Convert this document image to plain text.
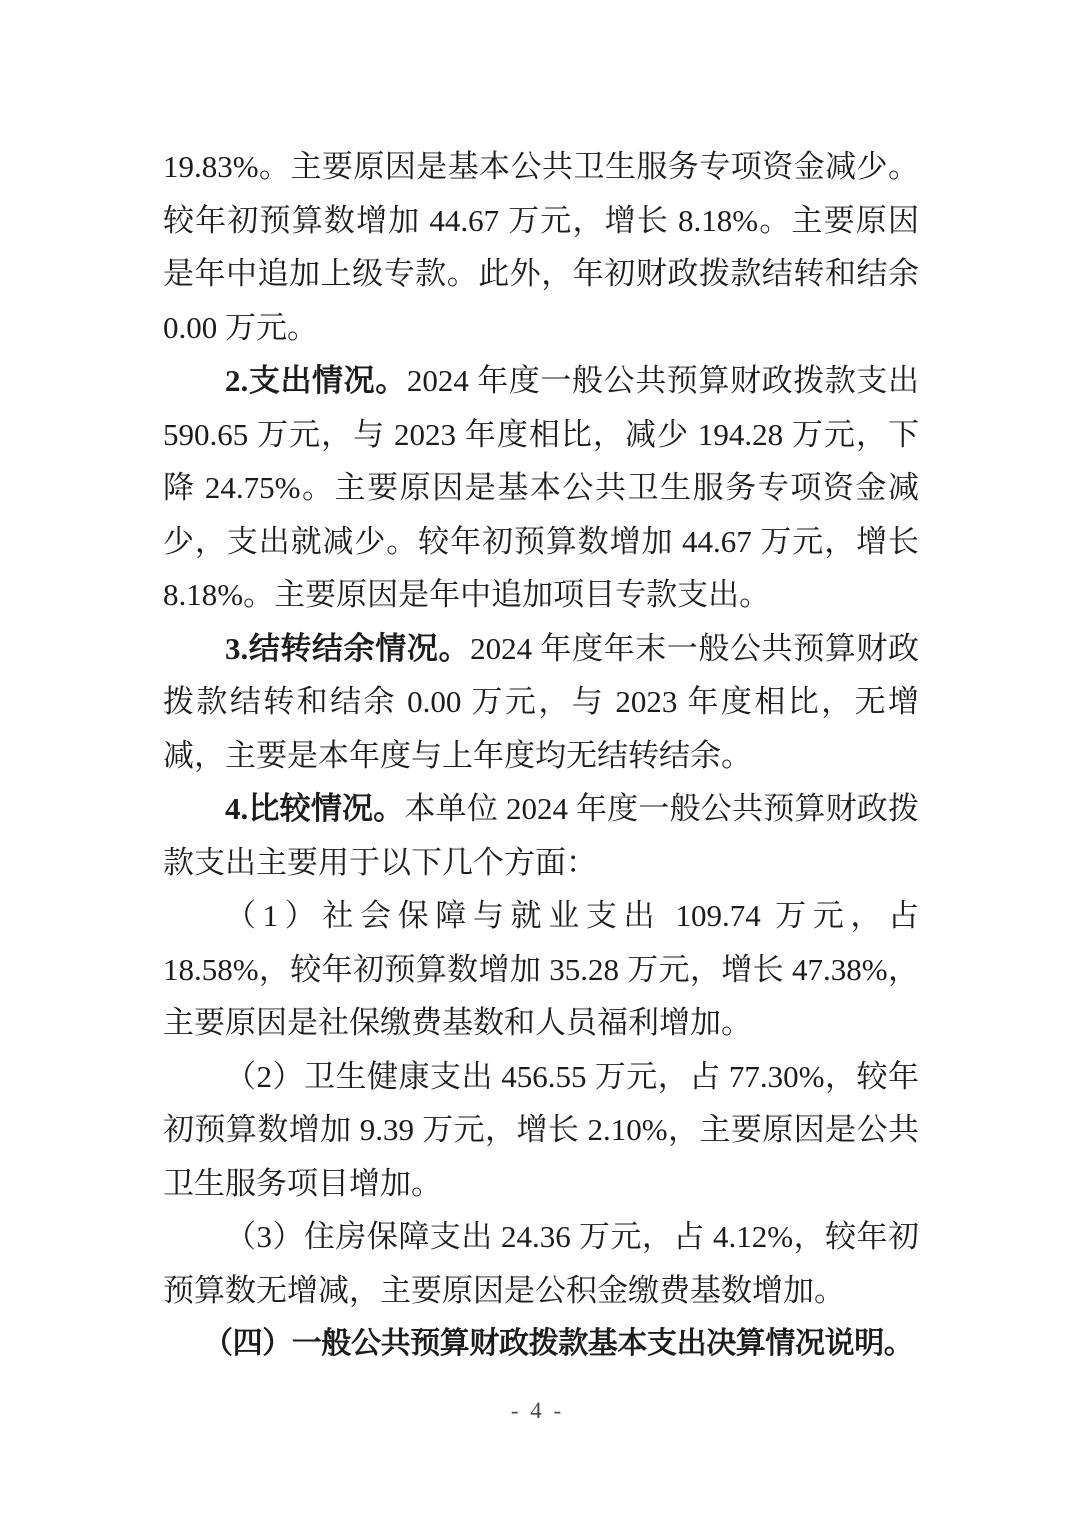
19.83%。主要原因是基本公共卫生服务专项资金减少。较年初预算数增加 44.67 万元，增长 8.18%。主要原因是年中追加上级专款。此外，年初财政拨款结转和结余 0.00 万元。

2.支出情况。2024 年度一般公共预算财政拨款支出 590.65 万元，与 2023 年度相比，减少 194.28 万元，下降 24.75%。主要原因是基本公共卫生服务专项资金减少，支出就减少。较年初预算数增加 44.67 万元，增长 8.18%。主要原因是年中追加项目专款支出。

3.结转结余情况。2024 年度年末一般公共预算财政拨款结转和结余 0.00 万元，与 2023 年度相比，无增减，主要是本年度与上年度均无结转结余。

4.比较情况。本单位 2024 年度一般公共预算财政拨款支出主要用于以下几个方面：

（1）社会保障与就业支出 109.74 万元，占 18.58%，较年初预算数增加 35.28 万元，增长 47.38%，主要原因是社保缴费基数和人员福利增加。

（2）卫生健康支出 456.55 万元，占 77.30%，较年初预算数增加 9.39 万元，增长 2.10%，主要原因是公共卫生服务项目增加。

（3）住房保障支出 24.36 万元，占 4.12%，较年初预算数无增减，主要原因是公积金缴费基数增加。

（四）一般公共预算财政拨款基本支出决算情况说明。

- 4 -
